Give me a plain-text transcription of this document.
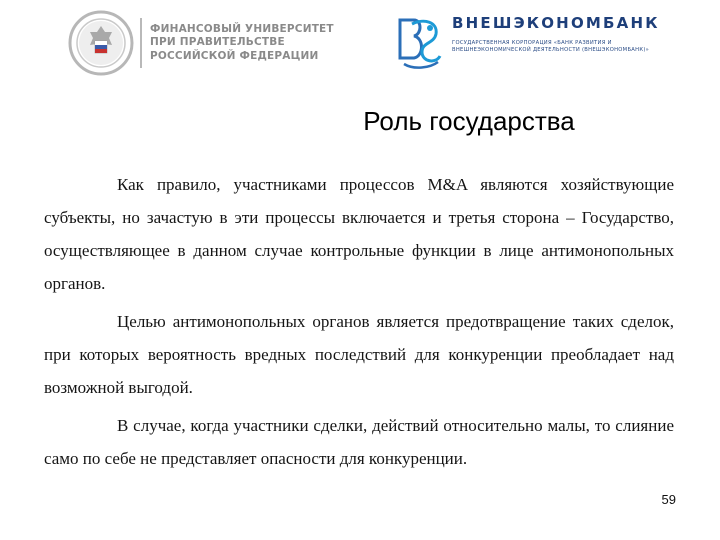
ФИНАНСОВЫЙ УНИВЕРСИТЕТ
ПРИ ПРАВИТЕЛЬСТВЕ
РОССИЙСКОЙ ФЕДЕРАЦИИ
ВНЕШЭКОНОМБАНК
ГОСУДАРСТВЕННАЯ КОРПОРАЦИЯ «БАНК РАЗВИТИЯ И
ВНЕШНЕЭКОНОМИЧЕСКОЙ ДЕЯТЕЛЬНОСТИ (ВНЕШЭКОНОМБАНК)»
Роль государства
Как правило, участниками процессов M&A являются хозяйствующие субъекты, но зачастую в эти процессы включается и третья сторона – Государство, осуществляющее в данном случае контрольные функции в лице антимонопольных органов.
Целью антимонопольных органов является предотвращение таких сделок, при которых вероятность вредных последствий для конкуренции преобладает над возможной выгодой.
В случае, когда участники сделки, действий относительно малы, то слияние само по себе не представляет опасности для конкуренции.
59
